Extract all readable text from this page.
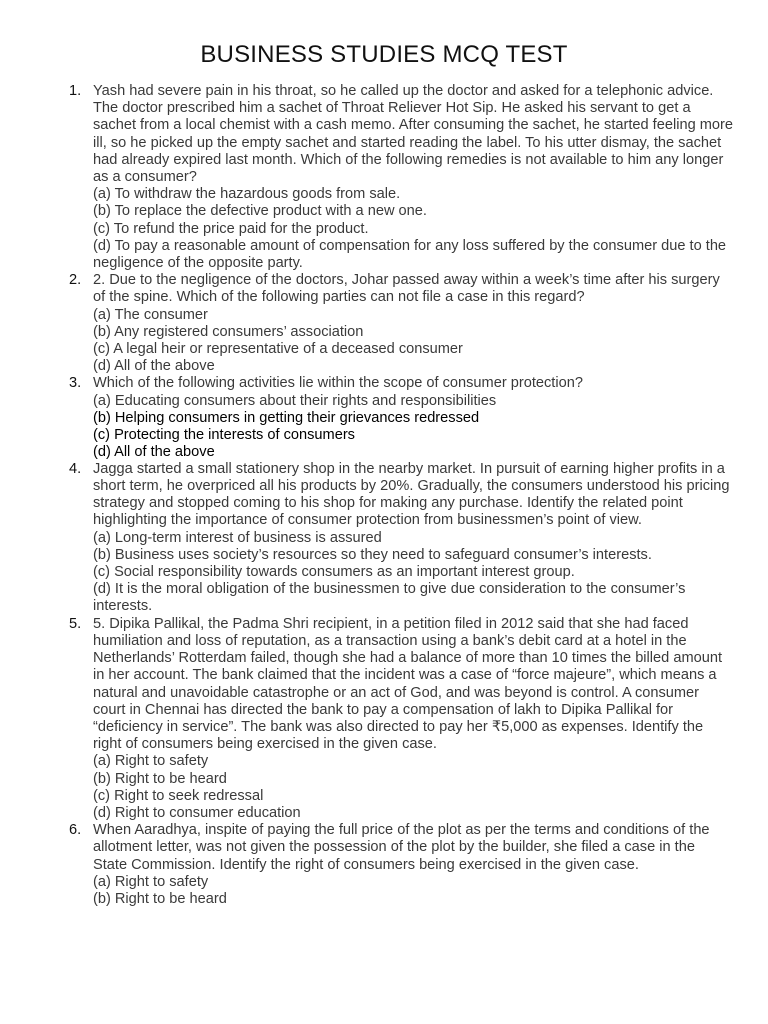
BUSINESS STUDIES MCQ TEST
1. Yash had severe pain in his throat, so he called up the doctor and asked for a telephonic advice. The doctor prescribed him a sachet of Throat Reliever Hot Sip. He asked his servant to get a sachet from a local chemist with a cash memo. After consuming the sachet, he started feeling more ill, so he picked up the empty sachet and started reading the label. To his utter dismay, the sachet had already expired last month. Which of the following remedies is not available to him any longer as a consumer?
(a) To withdraw the hazardous goods from sale.
(b) To replace the defective product with a new one.
(c) To refund the price paid for the product.
(d) To pay a reasonable amount of compensation for any loss suffered by the consumer due to the negligence of the opposite party.
2. 2. Due to the negligence of the doctors, Johar passed away within a week’s time after his surgery of the spine. Which of the following parties can not file a case in this regard?
(a) The consumer
(b) Any registered consumers’ association
(c) A legal heir or representative of a deceased consumer
(d) All of the above
3. Which of the following activities lie within the scope of consumer protection?
(a) Educating consumers about their rights and responsibilities
(b) Helping consumers in getting their grievances redressed
(c) Protecting the interests of consumers
(d) All of the above
4. Jagga started a small stationery shop in the nearby market. In pursuit of earning higher profits in a short term, he overpriced all his products by 20%. Gradually, the consumers understood his pricing strategy and stopped coming to his shop for making any purchase. Identify the related point highlighting the importance of consumer protection from businessmen’s point of view.
(a) Long-term interest of business is assured
(b) Business uses society’s resources so they need to safeguard consumer’s interests.
(c) Social responsibility towards consumers as an important interest group.
(d) It is the moral obligation of the businessmen to give due consideration to the consumer’s interests.
5. 5. Dipika Pallikal, the Padma Shri recipient, in a petition filed in 2012 said that she had faced humiliation and loss of reputation, as a transaction using a bank’s debit card at a hotel in the Netherlands’ Rotterdam failed, though she had a balance of more than 10 times the billed amount in her account. The bank claimed that the incident was a case of “force majeure”, which means a natural and unavoidable catastrophe or an act of God, and was beyond is control. A consumer court in Chennai has directed the bank to pay a compensation of lakh to Dipika Pallikal for “deficiency in service”. The bank was also directed to pay her ₹5,000 as expenses. Identify the right of consumers being exercised in the given case.
(a) Right to safety
(b) Right to be heard
(c) Right to seek redressal
(d) Right to consumer education
6. When Aaradhya, inspite of paying the full price of the plot as per the terms and conditions of the allotment letter, was not given the possession of the plot by the builder, she filed a case in the State Commission. Identify the right of consumers being exercised in the given case.
(a) Right to safety
(b) Right to be heard
